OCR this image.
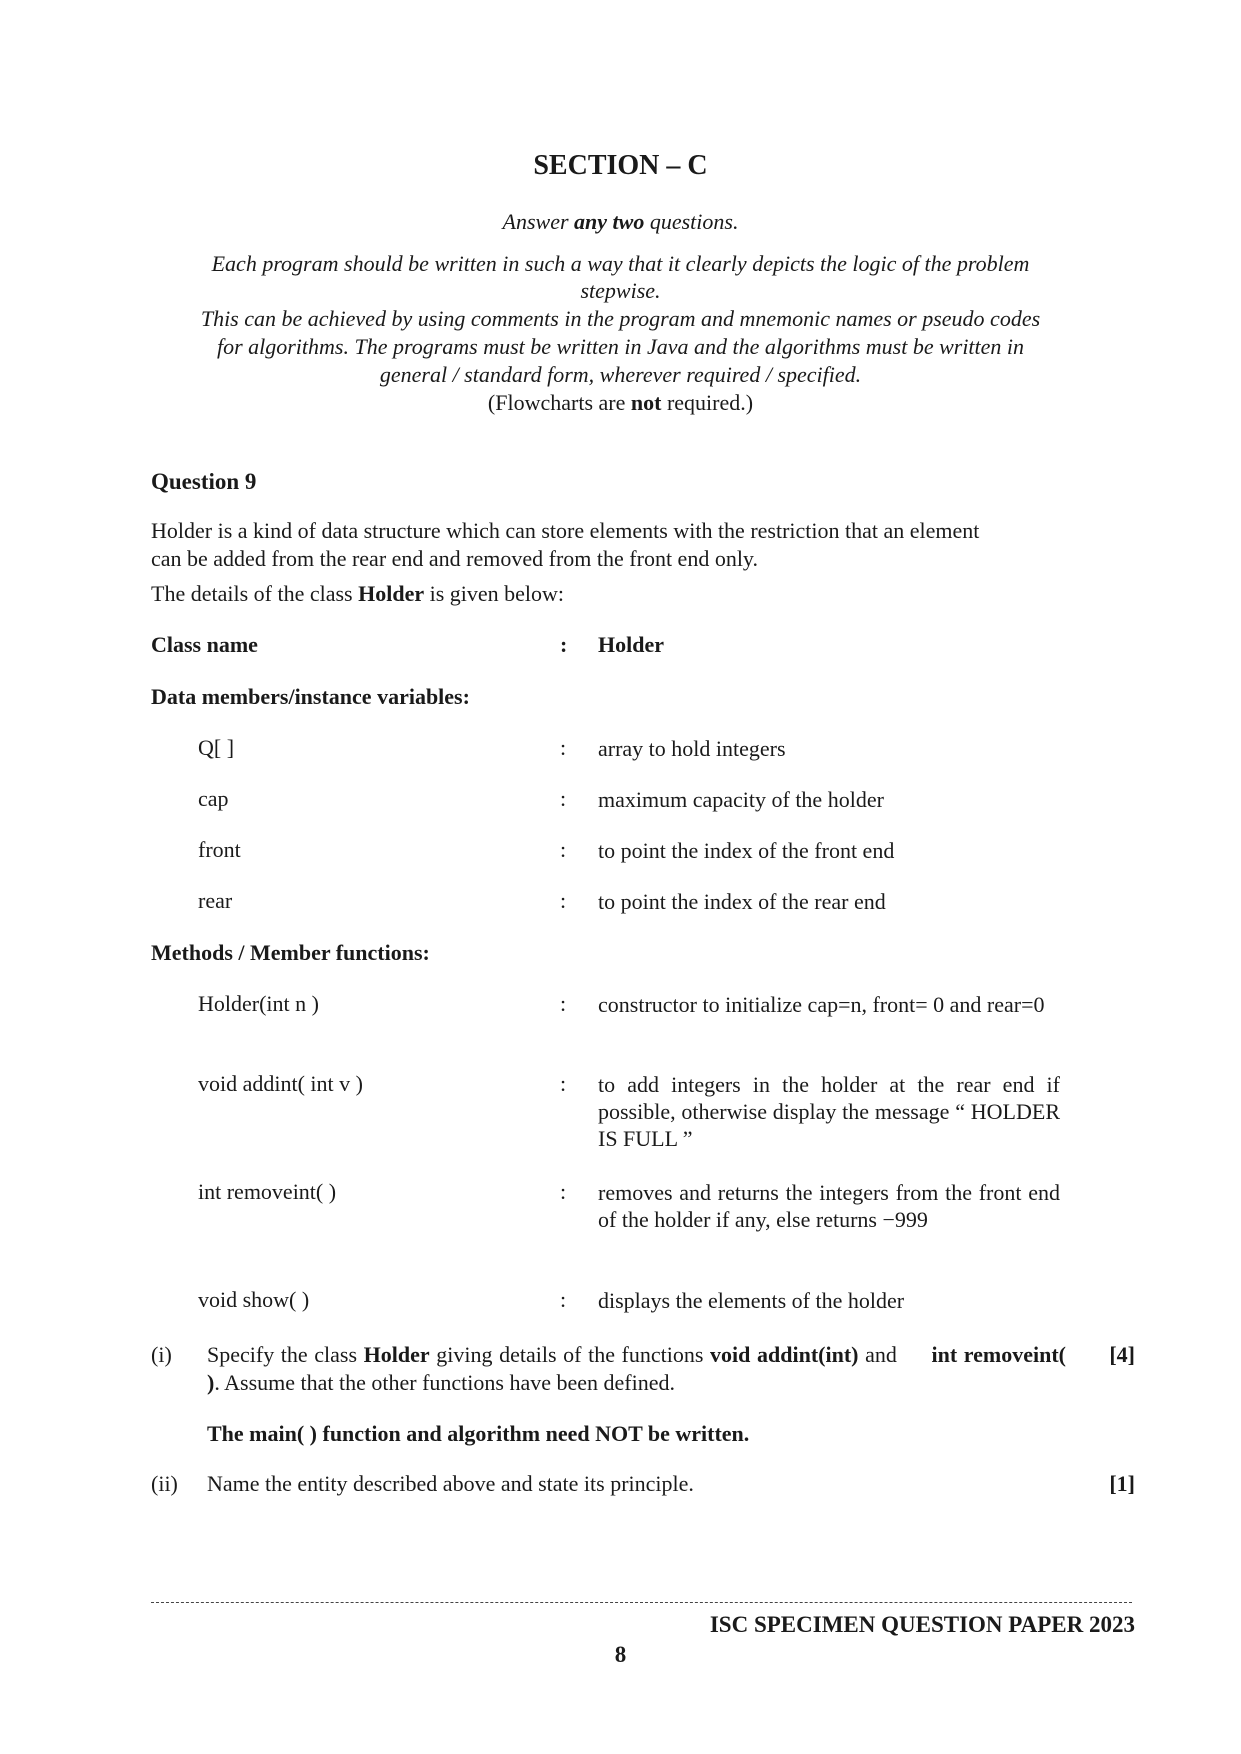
SECTION – C
Answer any two questions.
Each program should be written in such a way that it clearly depicts the logic of the problem
stepwise.
This can be achieved by using comments in the program and mnemonic names or pseudo codes
for algorithms. The programs must be written in Java and the algorithms must be written in
general / standard form, wherever required / specified.
(Flowcharts are not required.)
Question 9
Holder is a kind of data structure which can store elements with the restriction that an element
can be added from the rear end and removed from the front end only.
The details of the class Holder is given below:
Class name	: Holder
Data members/instance variables:
Q[ ]	: array to hold integers
cap	: maximum capacity of the holder
front	: to point the index of the front end
rear	: to point the index of the rear end
Methods / Member functions:
Holder(int n )	: constructor to initialize cap=n, front= 0 and rear=0
void addint( int v )	: to add integers in the holder at the rear end if possible, otherwise display the message “ HOLDER IS FULL ”
int removeint( )	: removes and returns the integers from the front end of the holder if any, else returns −999
void show( )	: displays the elements of the holder
(i) Specify the class Holder giving details of the functions void addint(int) and int removeint( ). Assume that the other functions have been defined.
[4]
The main( ) function and algorithm need NOT be written.
(ii) Name the entity described above and state its principle.	[1]
ISC SPECIMEN QUESTION PAPER 2023
8
